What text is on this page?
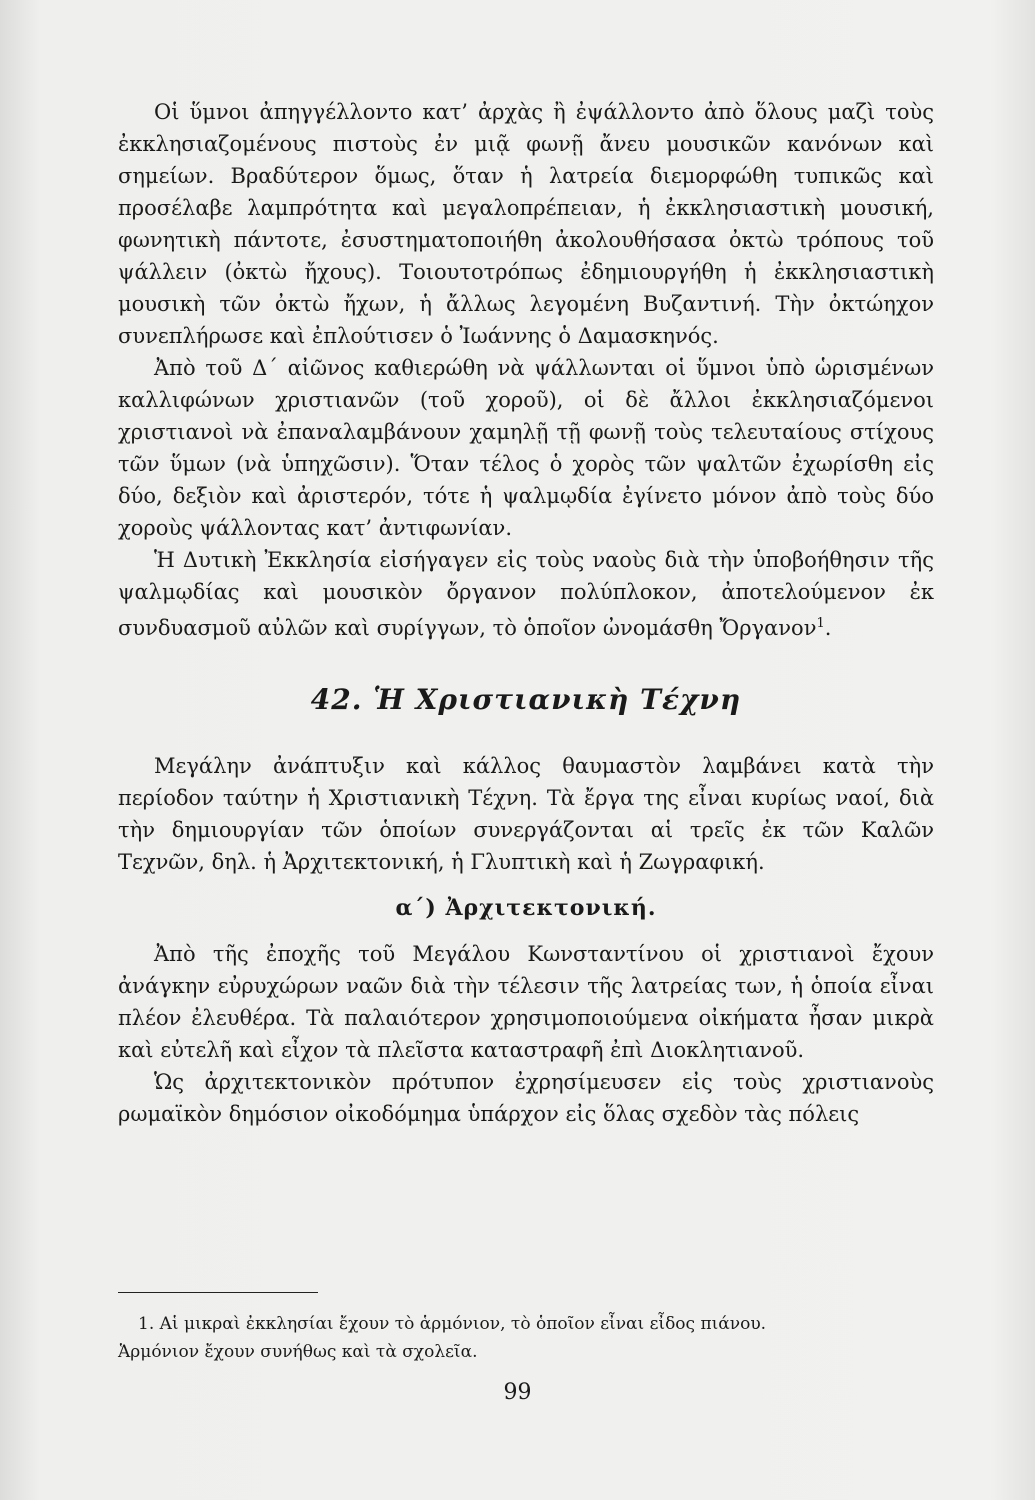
Οἱ ὕμνοι ἀπηγγέλλοντο κατ’ ἀρχὰς ἢ ἐψάλλοντο ἀπὸ ὅλους μαζὶ τοὺς ἐκκλησιαζομένους πιστοὺς ἐν μιᾷ φωνῇ ἄνευ μουσικῶν κανόνων καὶ σημείων. Βραδύτερον ὅμως, ὅταν ἡ λατρεία διεμορφώθη τυπικῶς καὶ προσέλαβε λαμπρότητα καὶ μεγαλοπρέπειαν, ἡ ἐκκλησιαστικὴ μουσική, φωνητικὴ πάντοτε, ἐσυστηματοποιήθη ἀκολουθήσασα ὀκτὼ τρόπους τοῦ ψάλλειν (ὀκτὼ ἤχους). Τοιουτοτρόπως ἐδημιουργήθη ἡ ἐκκλησιαστικὴ μουσικὴ τῶν ὀκτὼ ἤχων, ἡ ἄλλως λεγομένη Βυζαντινή. Τὴν ὀκτώηχον συνεπλήρωσε καὶ ἐπλούτισεν ὁ Ἰωάννης ὁ Δαμασκηνός.

Ἀπὸ τοῦ Δ΄ αἰῶνος καθιερώθη νὰ ψάλλωνται οἱ ὕμνοι ὑπὸ ὡρισμένων καλλιφώνων χριστιανῶν (τοῦ χοροῦ), οἱ δὲ ἄλλοι ἐκκλησιαζόμενοι χριστιανοὶ νὰ ἐπαναλαμβάνουν χαμηλῇ τῇ φωνῇ τοὺς τελευταίους στίχους τῶν ὕμων (νὰ ὑπηχῶσιν). Ὅταν τέλος ὁ χορὸς τῶν ψαλτῶν ἐχωρίσθη εἰς δύο, δεξιὸν καὶ ἀριστερόν, τότε ἡ ψαλμῳδία ἐγίνετο μόνον ἀπὸ τοὺς δύο χοροὺς ψάλλοντας κατ’ ἀντιφωνίαν.

Ἡ Δυτικὴ Ἐκκλησία εἰσήγαγεν εἰς τοὺς ναοὺς διὰ τὴν ὑποβοήθησιν τῆς ψαλμῳδίας καὶ μουσικὸν ὄργανον πολύπλοκον, ἀποτελούμενον ἐκ συνδυασμοῦ αὐλῶν καὶ συρίγγων, τὸ ὁποῖον ὠνομάσθη Ὄργανον$^1$.

42. Ἡ Χριστιανικὴ Τέχνη

Μεγάλην ἀνάπτυξιν καὶ κάλλος θαυμαστὸν λαμβάνει κατὰ τὴν περίοδον ταύτην ἡ Χριστιανικὴ Τέχνη. Τὰ ἔργα της εἶναι κυρίως ναοί, διὰ τὴν δημιουργίαν τῶν ὁποίων συνεργάζονται αἱ τρεῖς ἐκ τῶν Καλῶν Τεχνῶν, δηλ. ἡ Ἀρχιτεκτονική, ἡ Γλυπτικὴ καὶ ἡ Ζωγραφική.

α΄) Ἀρχιτεκτονική.

Ἀπὸ τῆς ἐποχῆς τοῦ Μεγάλου Κωνσταντίνου οἱ χριστιανοὶ ἔχουν ἀνάγκην εὐρυχώρων ναῶν διὰ τὴν τέλεσιν τῆς λατρείας των, ἡ ὁποία εἶναι πλέον ἐλευθέρα. Τὰ παλαιότερον χρησιμοποιούμενα οἰκήματα ἦσαν μικρὰ καὶ εὐτελῆ καὶ εἶχον τὰ πλεῖστα καταστραφῆ ἐπὶ Διοκλητιανοῦ.

Ὡς ἀρχιτεκτονικὸν πρότυπον ἐχρησίμευσεν εἰς τοὺς χριστιανοὺς ρωμαϊκὸν δημόσιον οἰκοδόμημα ὑπάρχον εἰς ὅλας σχεδὸν τὰς πόλεις

1. Αἱ μικραὶ ἐκκλησίαι ἔχουν τὸ ἁρμόνιον, τὸ ὁποῖον εἶναι εἶδος πιάνου.

Ἁρμόνιον ἔχουν συνήθως καὶ τὰ σχολεῖα.

99
